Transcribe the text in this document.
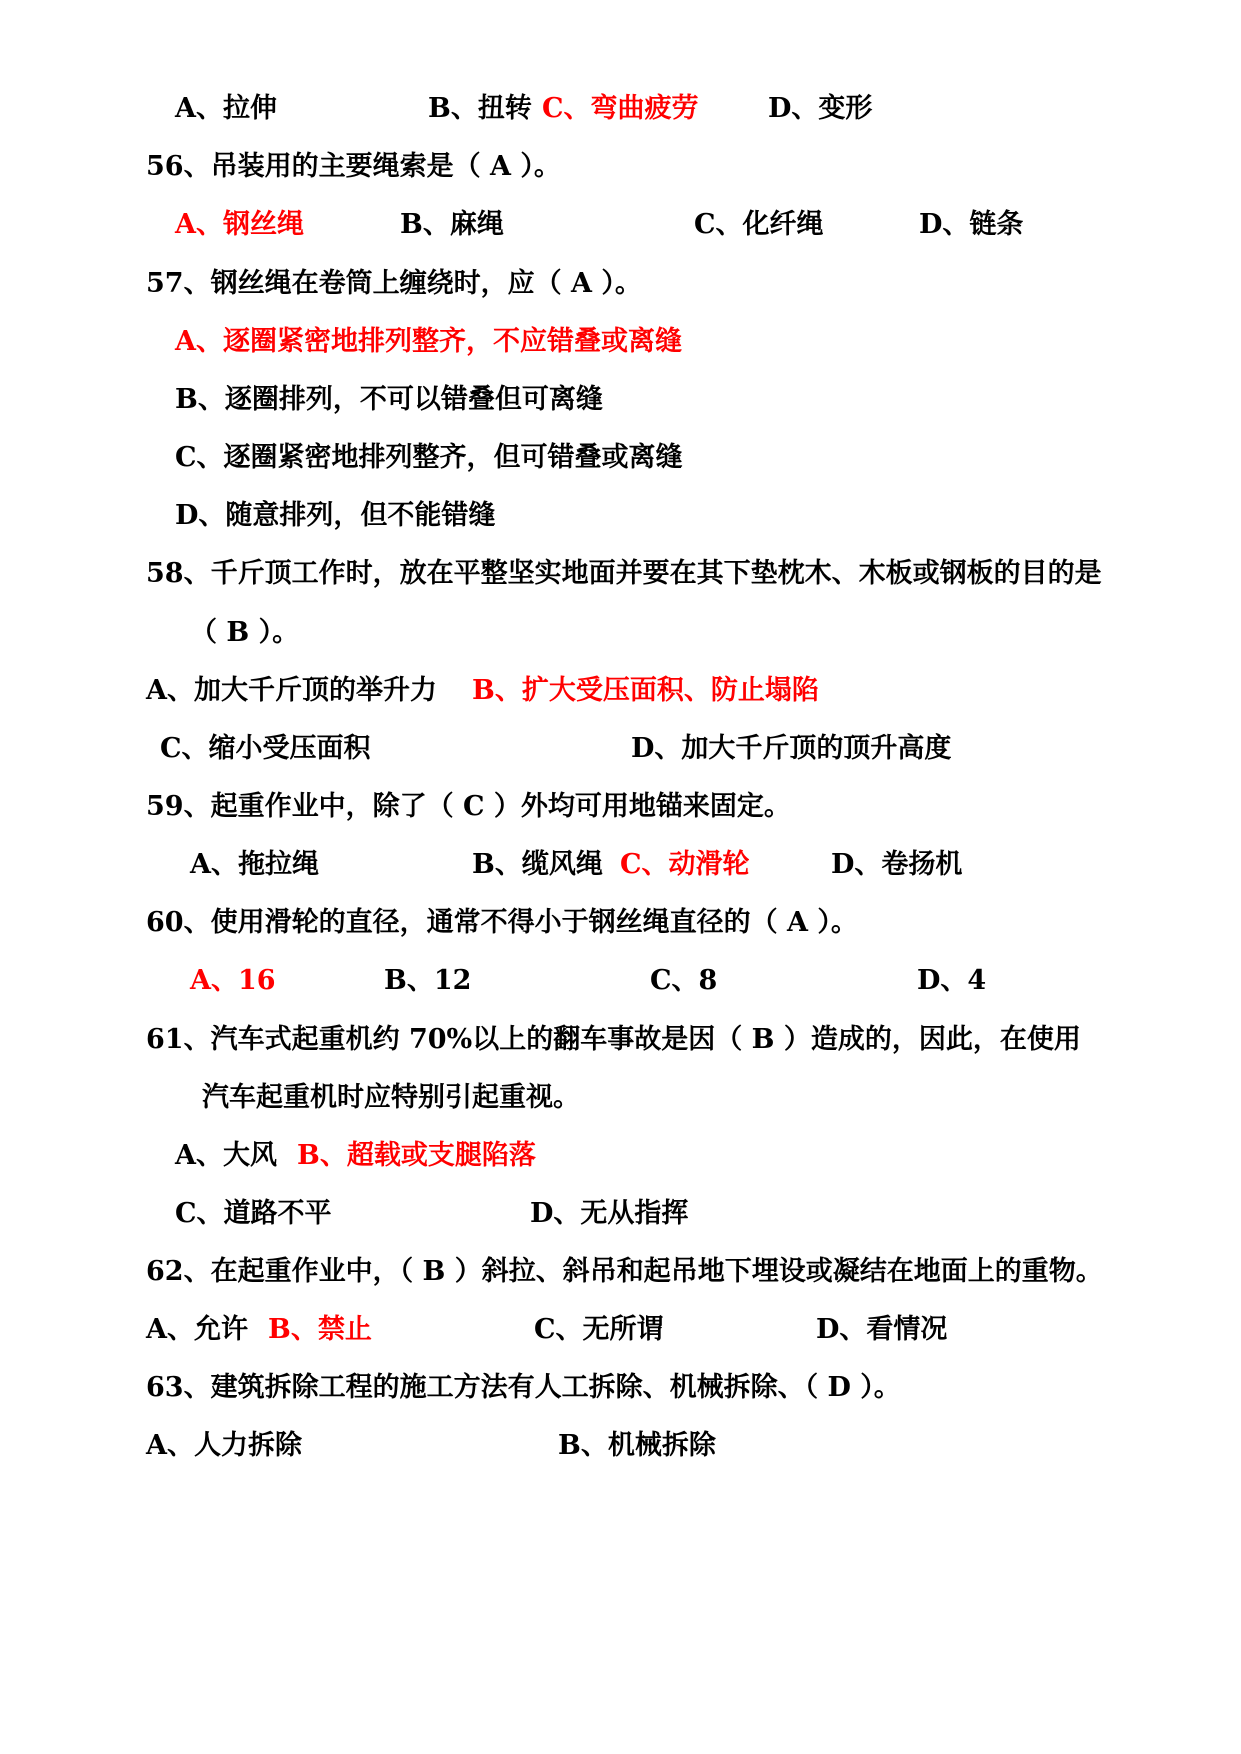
A、拉伸	B、扭转 C、弯曲疲劳	D、变形
56、吊装用的主要绳索是（ A ）。
A、钢丝绳	B、麻绳	C、化纤绳	D、链条
57、钢丝绳在卷筒上缠绕时，应（ A ）。
A、逐圈紧密地排列整齐，不应错叠或离缝
B、逐圈排列，不可以错叠但可离缝
C、逐圈紧密地排列整齐，但可错叠或离缝
D、随意排列，但不能错缝
58、千斤顶工作时，放在平整坚实地面并要在其下垫枕木、木板或钢板的目的是
（ B ）。
A、加大千斤顶的举升力 B、扩大受压面积、防止塌陷
C、缩小受压面积	D、加大千斤顶的顶升高度
59、起重作业中，除了（ C ）外均可用地锚来固定。
A、拖拉绳	B、缆风绳 C、动滑轮	D、卷扬机
60、使用滑轮的直径，通常不得小于钢丝绳直径的（ A ）。
A、16	B、12	C、8	D、4
61、汽车式起重机约 70%以上的翻车事故是因（ B ）造成的，因此，在使用
汽车起重机时应特别引起重视。
A、大风 B、超载或支腿陷落
C、道路不平	D、无从指挥
62、在起重作业中，（ B ）斜拉、斜吊和起吊地下埋设或凝结在地面上的重物。
A、允许 B、禁止	C、无所谓	D、看情况
63、建筑拆除工程的施工方法有人工拆除、机械拆除、（ D ）。
A、人力拆除	B、机械拆除
